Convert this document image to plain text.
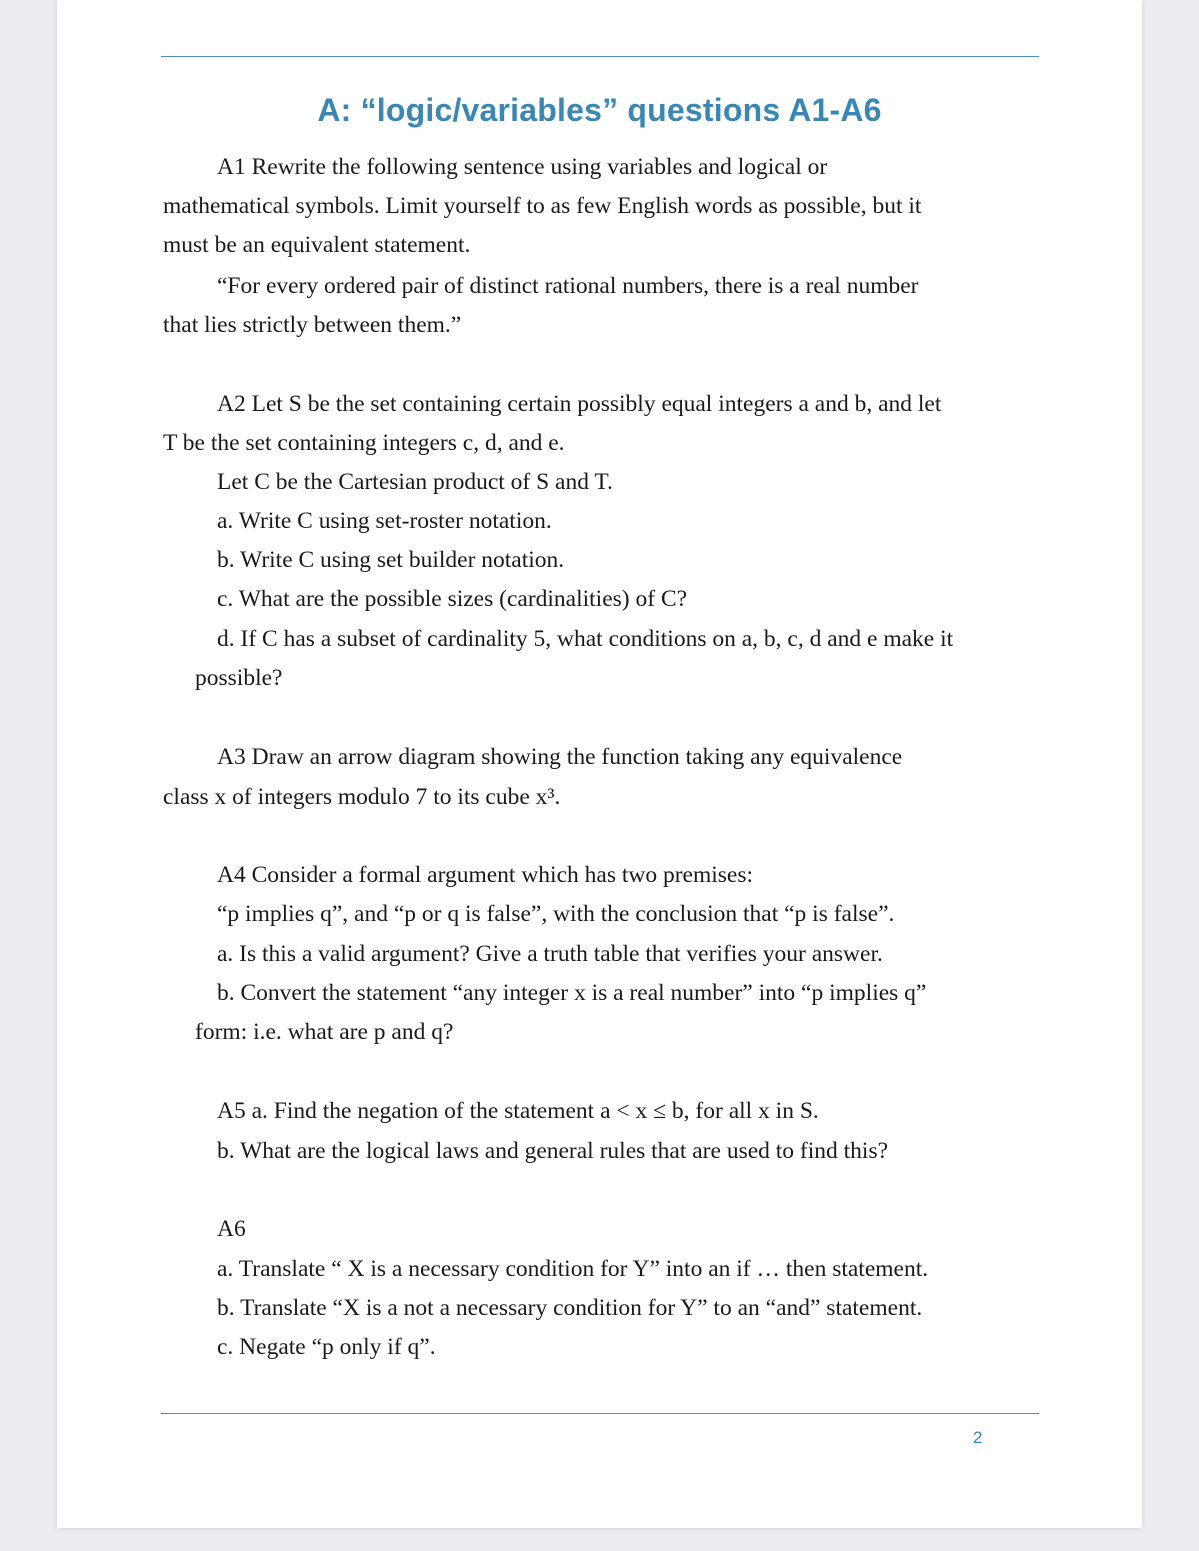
A: “logic/variables” questions A1-A6
A1 Rewrite the following sentence using variables and logical or
mathematical symbols. Limit yourself to as few English words as possible, but it
must be an equivalent statement.
“For every ordered pair of distinct rational numbers, there is a real number
that lies strictly between them.”
A2 Let S be the set containing certain possibly equal integers a and b, and let
T be the set containing integers c, d, and e.
Let C be the Cartesian product of S and T.
a. Write C using set-roster notation.
b. Write C using set builder notation.
c. What are the possible sizes (cardinalities) of C?
d. If C has a subset of cardinality 5, what conditions on a, b, c, d and e make it
possible?
A3 Draw an arrow diagram showing the function taking any equivalence
class x of integers modulo 7 to its cube x³.
A4 Consider a formal argument which has two premises:
“p implies q”, and “p or q is false”, with the conclusion that “p is false”.
a. Is this a valid argument? Give a truth table that verifies your answer.
b. Convert the statement “any integer x is a real number” into “p implies q”
form: i.e. what are p and q?
A5 a. Find the negation of the statement a < x ≤ b, for all x in S.
b. What are the logical laws and general rules that are used to find this?
A6
a. Translate “ X is a necessary condition for Y” into an if … then statement.
b. Translate “X is a not a necessary condition for Y” to an “and” statement.
c. Negate “p only if q”.
2
